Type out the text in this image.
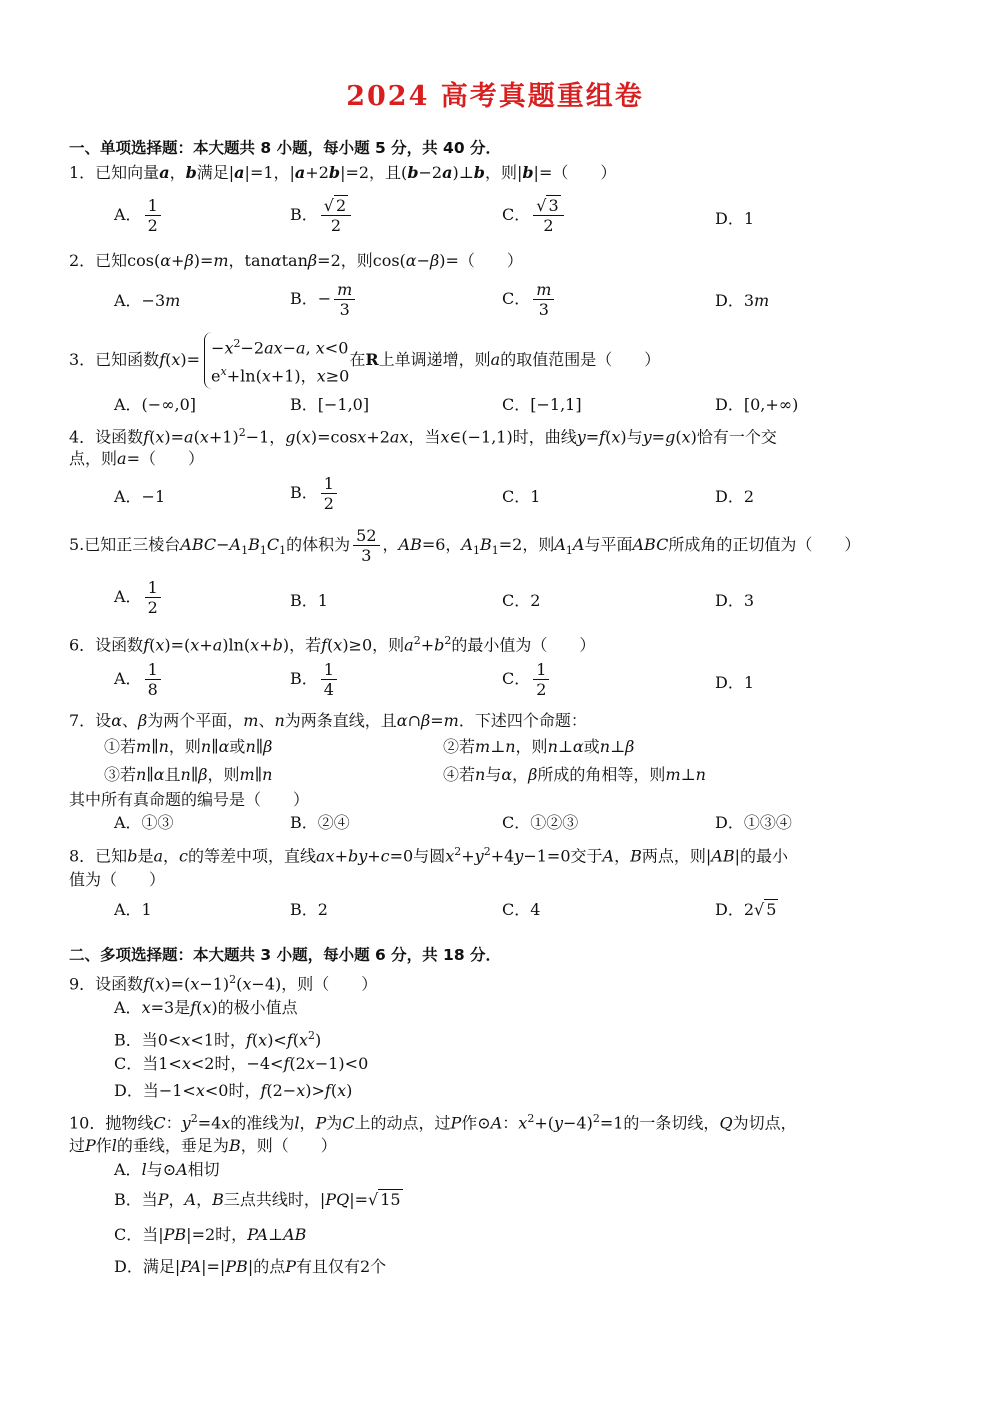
2024 高考真题重组卷
一、单项选择题：本大题共 8 小题，每小题 5 分，共 40 分．
1．已知向量a，b满足|a|=1，|a+2b|=2，且(b−2a)⊥b，则|b|=（　　）
A． $\frac{1}{2}$	B． $\frac{√ 2}{2}$	C． $\frac{√ 3}{2}$	D．1
2．已知cos(α+β)=m，tanαtanβ=2，则cos(α−β)=（　　）
A．−3m	B．− $\frac{m}{3}$	C． $\frac{m}{3}$	D．3m
3．已知函数f(x)=
$-x^2-2ax-a$, x<0
$e^x+\ln(x+1)$，x≥0
在R上单调递增，则a的取值范围是（　　）
A．(−∞,0]	B．[−1,0]	C．[−1,1]	D．[0,+∞)
4．设函数$f(x)=a(x+1)^2-1$，g(x)=cosx+2ax，当x∈(−1,1)时，曲线y=f(x)与y=g(x)恰有一个交
点，则a=（　　）
A．−1	B． $\frac{1}{2}$	C．1	D．2
5.已知正三棱台$ABC-A_1B_1C_1$的体积为 $\frac{52}{3}$ ，AB=6，$A_1B_1=2$，则$A_1A$与平面ABC所成角的正切值为（　　）
A． $\frac{1}{2}$	B．1	C．2	D．3
6．设函数f(x)=(x+a)ln(x+b)，若f(x)≥0，则$a^2+b^2$的最小值为（　　）
A． $\frac{1}{8}$	B． $\frac{1}{4}$	C． $\frac{1}{2}$	D．1
7．设α、β为两个平面，m、n为两条直线，且α∩β=m．下述四个命题：
①若m∥n，则n∥α或n∥β	②若m⊥n，则n⊥α或n⊥β
③若n∥α且n∥β，则m∥n	④若n与α，β所成的角相等，则m⊥n
其中所有真命题的编号是（　　）
A．①③	B．②④	C．①②③	D．①③④
8．已知b是a，c的等差中项，直线ax+by+c=0与圆$x^2+y^2+4y-1=0$交于A，B两点，则|AB|的最小
值为（　　）
A．1	B．2	C．4	D．2√ 5
二、多项选择题：本大题共 3 小题，每小题 6 分，共 18 分．
9．设函数$f(x)=(x-1)^2(x-4)$，则（　　）
A．x=3是f(x)的极小值点
B．当0<x<1时，$f(x)<f(x^2)$
C．当1<x<2时，−4<f(2x−1)<0
D．当−1<x<0时，f(2−x)>f(x)
10．抛物线C：$y^2=4x$的准线为l，P为C上的动点，过P作⊙A：$x^2+(y-4)^2=1$的一条切线，Q为切点，
过P作l的垂线，垂足为B，则（　　）
A．l与⊙A相切
B．当P，A，B三点共线时，|PQ|=√ 15
C．当|PB|=2时，PA⊥AB
D．满足|PA|=|PB|的点P有且仅有2个
